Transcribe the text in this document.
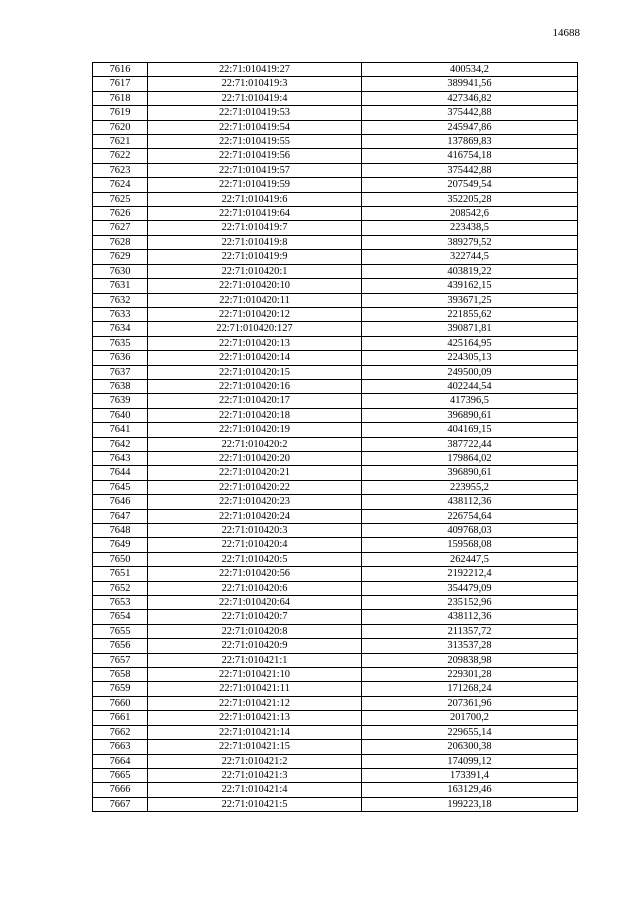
14688
7616	22:71:010419:27	400534,2
7617	22:71:010419:3	389941,56
7618	22:71:010419:4	427346,82
7619	22:71:010419:53	375442,88
7620	22:71:010419:54	245947,86
7621	22:71:010419:55	137869,83
7622	22:71:010419:56	416754,18
7623	22:71:010419:57	375442,88
7624	22:71:010419:59	207549,54
7625	22:71:010419:6	352205,28
7626	22:71:010419:64	208542,6
7627	22:71:010419:7	223438,5
7628	22:71:010419:8	389279,52
7629	22:71:010419:9	322744,5
7630	22:71:010420:1	403819,22
7631	22:71:010420:10	439162,15
7632	22:71:010420:11	393671,25
7633	22:71:010420:12	221855,62
7634	22:71:010420:127	390871,81
7635	22:71:010420:13	425164,95
7636	22:71:010420:14	224305,13
7637	22:71:010420:15	249500,09
7638	22:71:010420:16	402244,54
7639	22:71:010420:17	417396,5
7640	22:71:010420:18	396890,61
7641	22:71:010420:19	404169,15
7642	22:71:010420:2	387722,44
7643	22:71:010420:20	179864,02
7644	22:71:010420:21	396890,61
7645	22:71:010420:22	223955,2
7646	22:71:010420:23	438112,36
7647	22:71:010420:24	226754,64
7648	22:71:010420:3	409768,03
7649	22:71:010420:4	159568,08
7650	22:71:010420:5	262447,5
7651	22:71:010420:56	2192212,4
7652	22:71:010420:6	354479,09
7653	22:71:010420:64	235152,96
7654	22:71:010420:7	438112,36
7655	22:71:010420:8	211357,72
7656	22:71:010420:9	313537,28
7657	22:71:010421:1	209838,98
7658	22:71:010421:10	229301,28
7659	22:71:010421:11	171268,24
7660	22:71:010421:12	207361,96
7661	22:71:010421:13	201700,2
7662	22:71:010421:14	229655,14
7663	22:71:010421:15	206300,38
7664	22:71:010421:2	174099,12
7665	22:71:010421:3	173391,4
7666	22:71:010421:4	163129,46
7667	22:71:010421:5	199223,18
